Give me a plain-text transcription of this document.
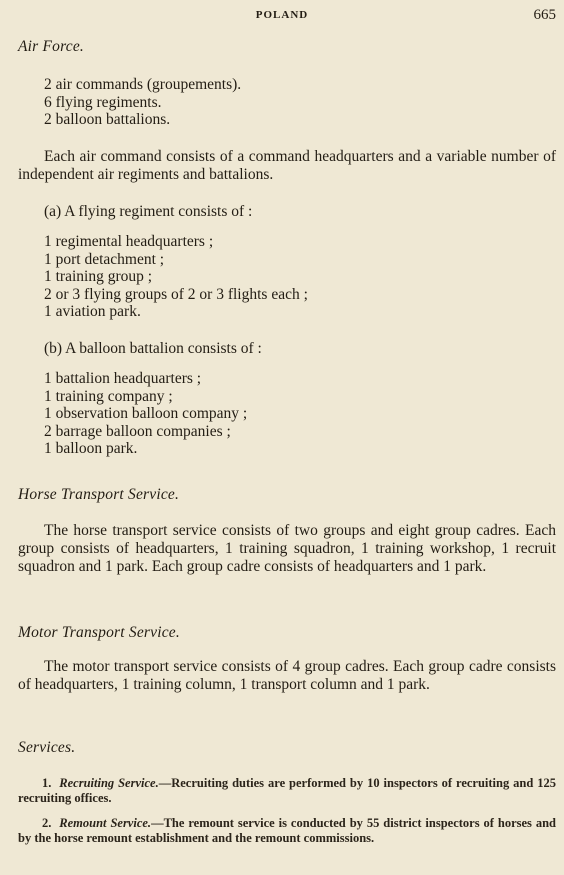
POLAND	665
Air Force.
2 air commands (groupements).
6 flying regiments.
2 balloon battalions.
Each air command consists of a command headquarters and a variable number of independent air regiments and battalions.
(a) A flying regiment consists of :
1 regimental headquarters ;
1 port detachment ;
1 training group ;
2 or 3 flying groups of 2 or 3 flights each ;
1 aviation park.
(b) A balloon battalion consists of :
1 battalion headquarters ;
1 training company ;
1 observation balloon company ;
2 barrage balloon companies ;
1 balloon park.
Horse Transport Service.
The horse transport service consists of two groups and eight group cadres. Each group consists of headquarters, 1 training squadron, 1 training workshop, 1 recruit squadron and 1 park. Each group cadre consists of headquarters and 1 park.
Motor Transport Service.
The motor transport service consists of 4 group cadres. Each group cadre consists of headquarters, 1 training column, 1 transport column and 1 park.
Services.
1. Recruiting Service.—Recruiting duties are performed by 10 inspectors of recruiting and 125 recruiting offices.
2. Remount Service.—The remount service is conducted by 55 district inspectors of horses and by the horse remount establishment and the remount commissions.
